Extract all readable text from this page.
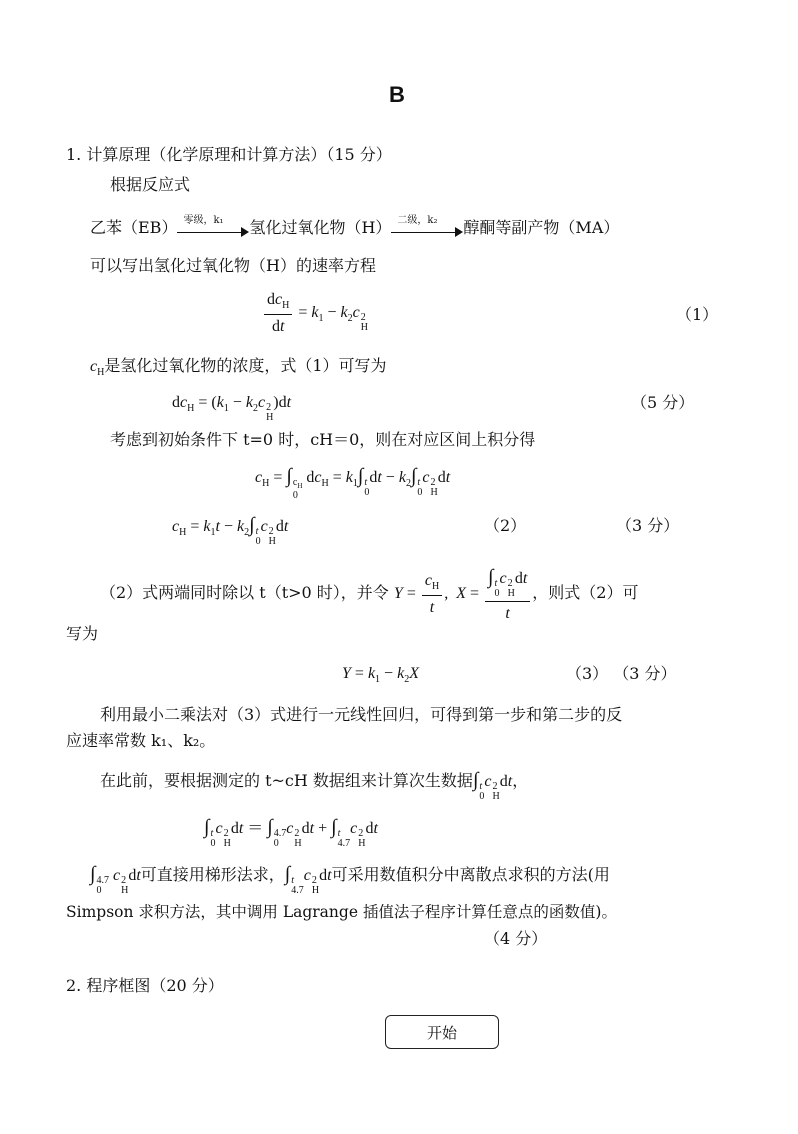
B
1. 计算原理（化学原理和计算方法）（15 分）
根据反应式
乙苯（EB） 零级，k₁ 氢化过氧化物（H） 二级，k₂ 醇酮等副产物（MA）
可以写出氢化过氧化物（H）的速率方程
$\frac{dc_H}{dt} = k_1 - k_2c$ 2
H
（1）
$c_H$是氢化过氧化物的浓度，式（1）可写为
$dc_H = (k_1 - k_2c$ 2
H
)dt	（5 分）
考虑到初始条件下 t=0 时，cH＝0，则在对应区间上积分得
$c_H$ = ∫ $c_H$
0
$dc_H = k_1\int$ t
0
dt − $k_2\int$ t
0
c 2
H
dt
$c_H = k_1t - k_2\int$ t
0
c 2
H
dt	（2）	（3 分）
（2）式两端同时除以 t（t>0 时），并令 $Y = \frac{c_H}{t}$ ,  X = ∫ t
0
c 2
H
dt
t ，则式（2）可
写为
$Y = k_1 - k_2X$	（3） （3 分）
利用最小二乘法对（3）式进行一元线性回归，可得到第一步和第二步的反
应速率常数 k₁、k₂。
在此前，要根据测定的 t~cH 数据组来计算次生数据∫ t
0
c 2
H
dt，
∫ t
0
c 2
H
dt ＝ ∫ 4.7
0
c 2
H
dt + ∫ t
4.7
c 2
H
dt
∫ 4.7
0
c 2
H
dt可直接用梯形法求，∫ t
4.7
c 2
H
dt可采用数值积分中离散点求积的方法(用
Simpson 求积方法，其中调用 Lagrange 插值法子程序计算任意点的函数值)。
（4 分）
2. 程序框图（20 分）
开始
